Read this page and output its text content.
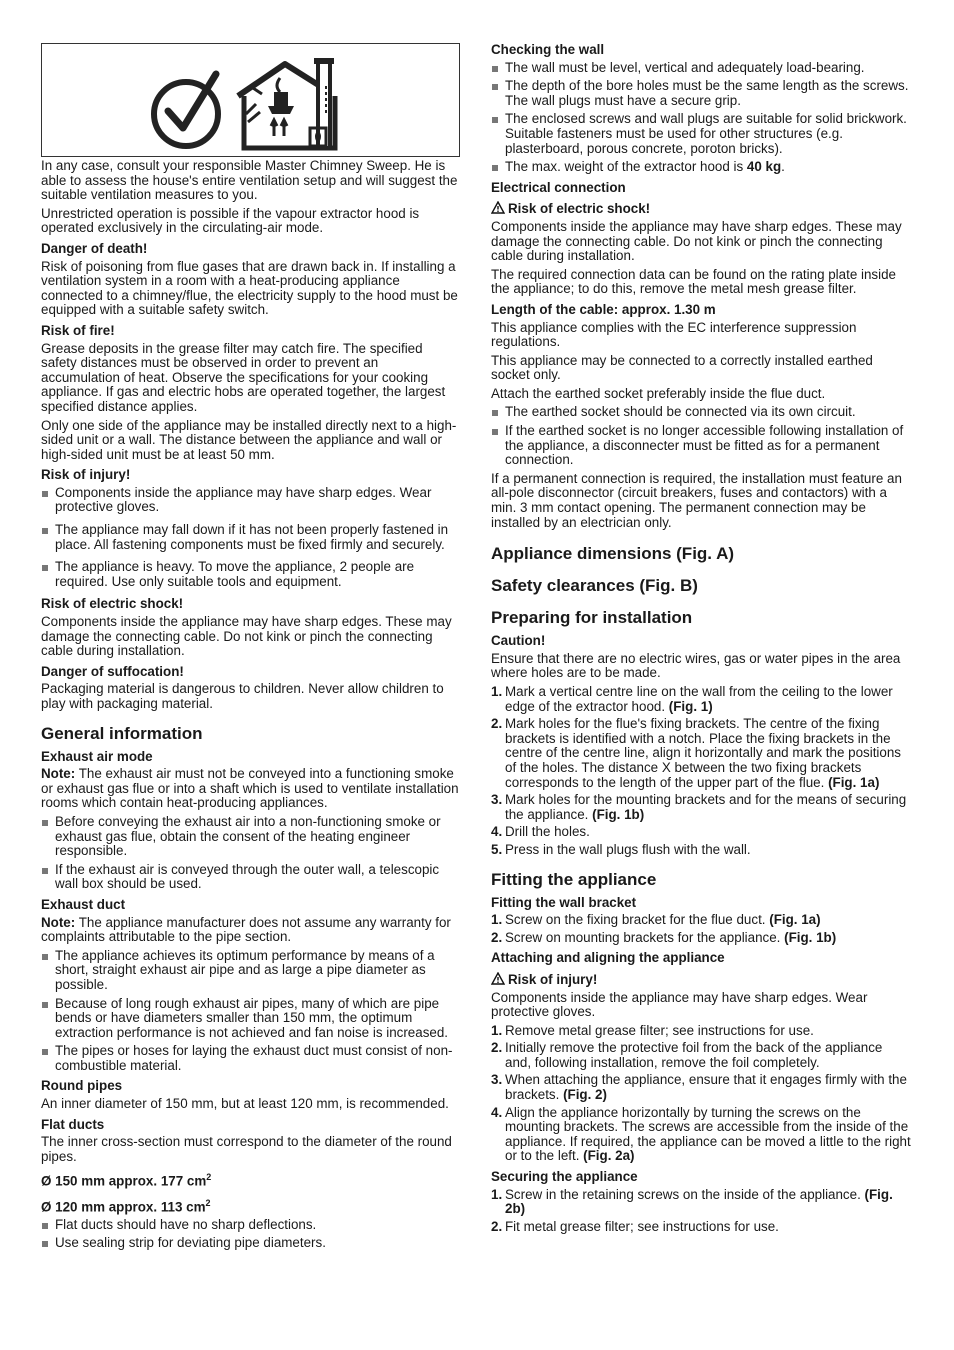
In any case, consult your responsible Master Chimney Sweep. He is able to assess the house's entire ventilation setup and will suggest the suitable ventilation measures to you.

Unrestricted operation is possible if the vapour extractor hood is operated exclusively in the circulating-air mode.

Danger of death!

Risk of poisoning from flue gases that are drawn back in. If installing a ventilation system in a room with a heat-producing appliance connected to a chimney/flue, the electricity supply to the hood must be equipped with a suitable safety switch.

Risk of fire!

Grease deposits in the grease filter may catch fire. The specified safety distances must be observed in order to prevent an accumulation of heat. Observe the specifications for your cooking appliance. If gas and electric hobs are operated together, the largest specified distance applies.

Only one side of the appliance may be installed directly next to a high-sided unit or a wall. The distance between the appliance and wall or high-sided unit must be at least 50 mm.

Risk of injury!
Components inside the appliance may have sharp edges. Wear protective gloves.
The appliance may fall down if it has not been properly fastened in place. All fastening components must be fixed firmly and securely.
The appliance is heavy. To move the appliance, 2 people are required. Use only suitable tools and equipment.
Risk of electric shock!

Components inside the appliance may have sharp edges. These may damage the connecting cable. Do not kink or pinch the connecting cable during installation.

Danger of suffocation!

Packaging material is dangerous to children. Never allow children to play with packaging material.

General information
Exhaust air mode

Note: The exhaust air must not be conveyed into a functioning smoke or exhaust gas flue or into a shaft which is used to ventilate installation rooms which contain heat-producing appliances.

Before conveying the exhaust air into a non-functioning smoke or exhaust gas flue, obtain the consent of the heating engineer responsible.
If the exhaust air is conveyed through the outer wall, a telescopic wall box should be used.
Exhaust duct

Note: The appliance manufacturer does not assume any warranty for complaints attributable to the pipe section.

The appliance achieves its optimum performance by means of a short, straight exhaust air pipe and as large a pipe diameter as possible.
Because of long rough exhaust air pipes, many of which are pipe bends or have diameters smaller than 150 mm, the optimum extraction performance is not achieved and fan noise is increased.
The pipes or hoses for laying the exhaust duct must consist of non-combustible material.
Round pipes

An inner diameter of 150 mm, but at least 120 mm, is recommended.

Flat ducts

The inner cross-section must correspond to the diameter of the round pipes.

Ø 150 mm approx. 177 $cm^2$
Ø 120 mm approx. 113 $cm^2$
Flat ducts should have no sharp deflections.
Use sealing strip for deviating pipe diameters.
Checking the wall
The wall must be level, vertical and adequately load-bearing.
The depth of the bore holes must be the same length as the screws. The wall plugs must have a secure grip.
The enclosed screws and wall plugs are suitable for solid brickwork. Suitable fasteners must be used for other structures (e.g. plasterboard, porous concrete, poroton bricks).
The max. weight of the extractor hood is 40 kg.
Electrical connection
Risk of electric shock!

Components inside the appliance may have sharp edges. These may damage the connecting cable. Do not kink or pinch the connecting cable during installation.

The required connection data can be found on the rating plate inside the appliance; to do this, remove the metal mesh grease filter.

Length of the cable: approx. 1.30 m

This appliance complies with the EC interference suppression regulations.

This appliance may be connected to a correctly installed earthed socket only.

Attach the earthed socket preferably inside the flue duct.

The earthed socket should be connected via its own circuit.
If the earthed socket is no longer accessible following installation of the appliance, a disconnecter must be fitted as for a permanent connection.

If a permanent connection is required, the installation must feature an all-pole disconnector (circuit breakers, fuses and contactors) with a min. 3 mm contact opening. The permanent connection may be installed by an electrician only.

Appliance dimensions (Fig. A)
Safety clearances (Fig. B)
Preparing for installation
Caution!

Ensure that there are no electric wires, gas or water pipes in the area where holes are to be made.

1. Mark a vertical centre line on the wall from the ceiling to the lower edge of the extractor hood. (Fig. 1)
2. Mark holes for the flue's fixing brackets. The centre of the fixing brackets is identified with a notch. Place the fixing brackets in the centre of the centre line, align it horizontally and mark the positions of the holes. The distance X between the two fixing brackets corresponds to the length of the upper part of the flue. (Fig. 1a)
3. Mark holes for the mounting brackets and for the means of securing the appliance. (Fig. 1b)
4. Drill the holes.
5. Press in the wall plugs flush with the wall.
Fitting the appliance
Fitting the wall bracket
1. Screw on the fixing bracket for the flue duct. (Fig. 1a)
2. Screw on mounting brackets for the appliance. (Fig. 1b)
Attaching and aligning the appliance
Risk of injury!

Components inside the appliance may have sharp edges. Wear protective gloves.

1. Remove metal grease filter; see instructions for use.
2. Initially remove the protective foil from the back of the appliance and, following installation, remove the foil completely.
3. When attaching the appliance, ensure that it engages firmly with the brackets. (Fig. 2)
4. Align the appliance horizontally by turning the screws on the mounting brackets. The screws are accessible from the inside of the appliance. If required, the appliance can be moved a little to the right or to the left. (Fig. 2a)
Securing the appliance
1. Screw in the retaining screws on the inside of the appliance. (Fig. 2b)
2. Fit metal grease filter; see instructions for use.
